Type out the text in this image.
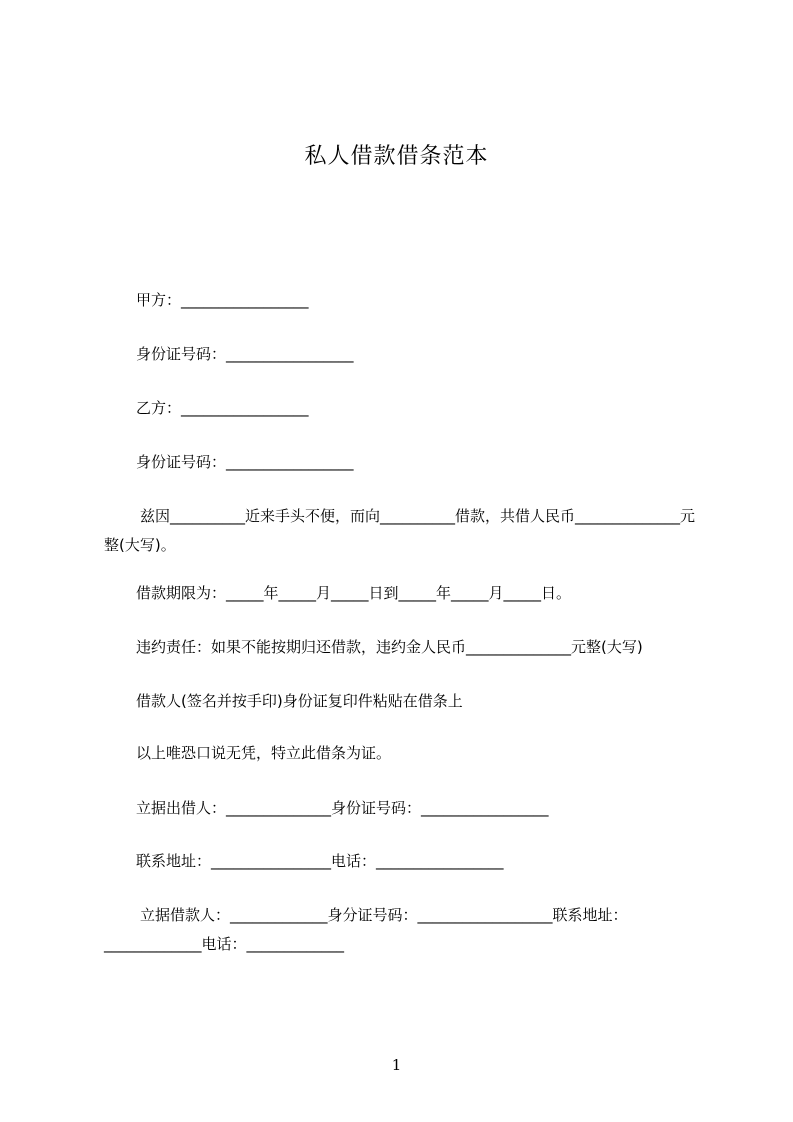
私人借款借条范本
甲方：_________________
身份证号码：_________________
乙方：_________________
身份证号码：_________________
兹因__________近来手头不便，而向__________借款，共借人民币______________元整(大写)。
借款期限为：_____年_____月_____日到_____年_____月_____日。
违约责任：如果不能按期归还借款，违约金人民币______________元整(大写)
借款人(签名并按手印)身份证复印件粘贴在借条上
以上唯恐口说无凭，特立此借条为证。
立据出借人：______________身份证号码：_________________
联系地址：________________电话：_________________
立据借款人：_____________身分证号码：__________________联系地址：_____________电话：_____________
1
